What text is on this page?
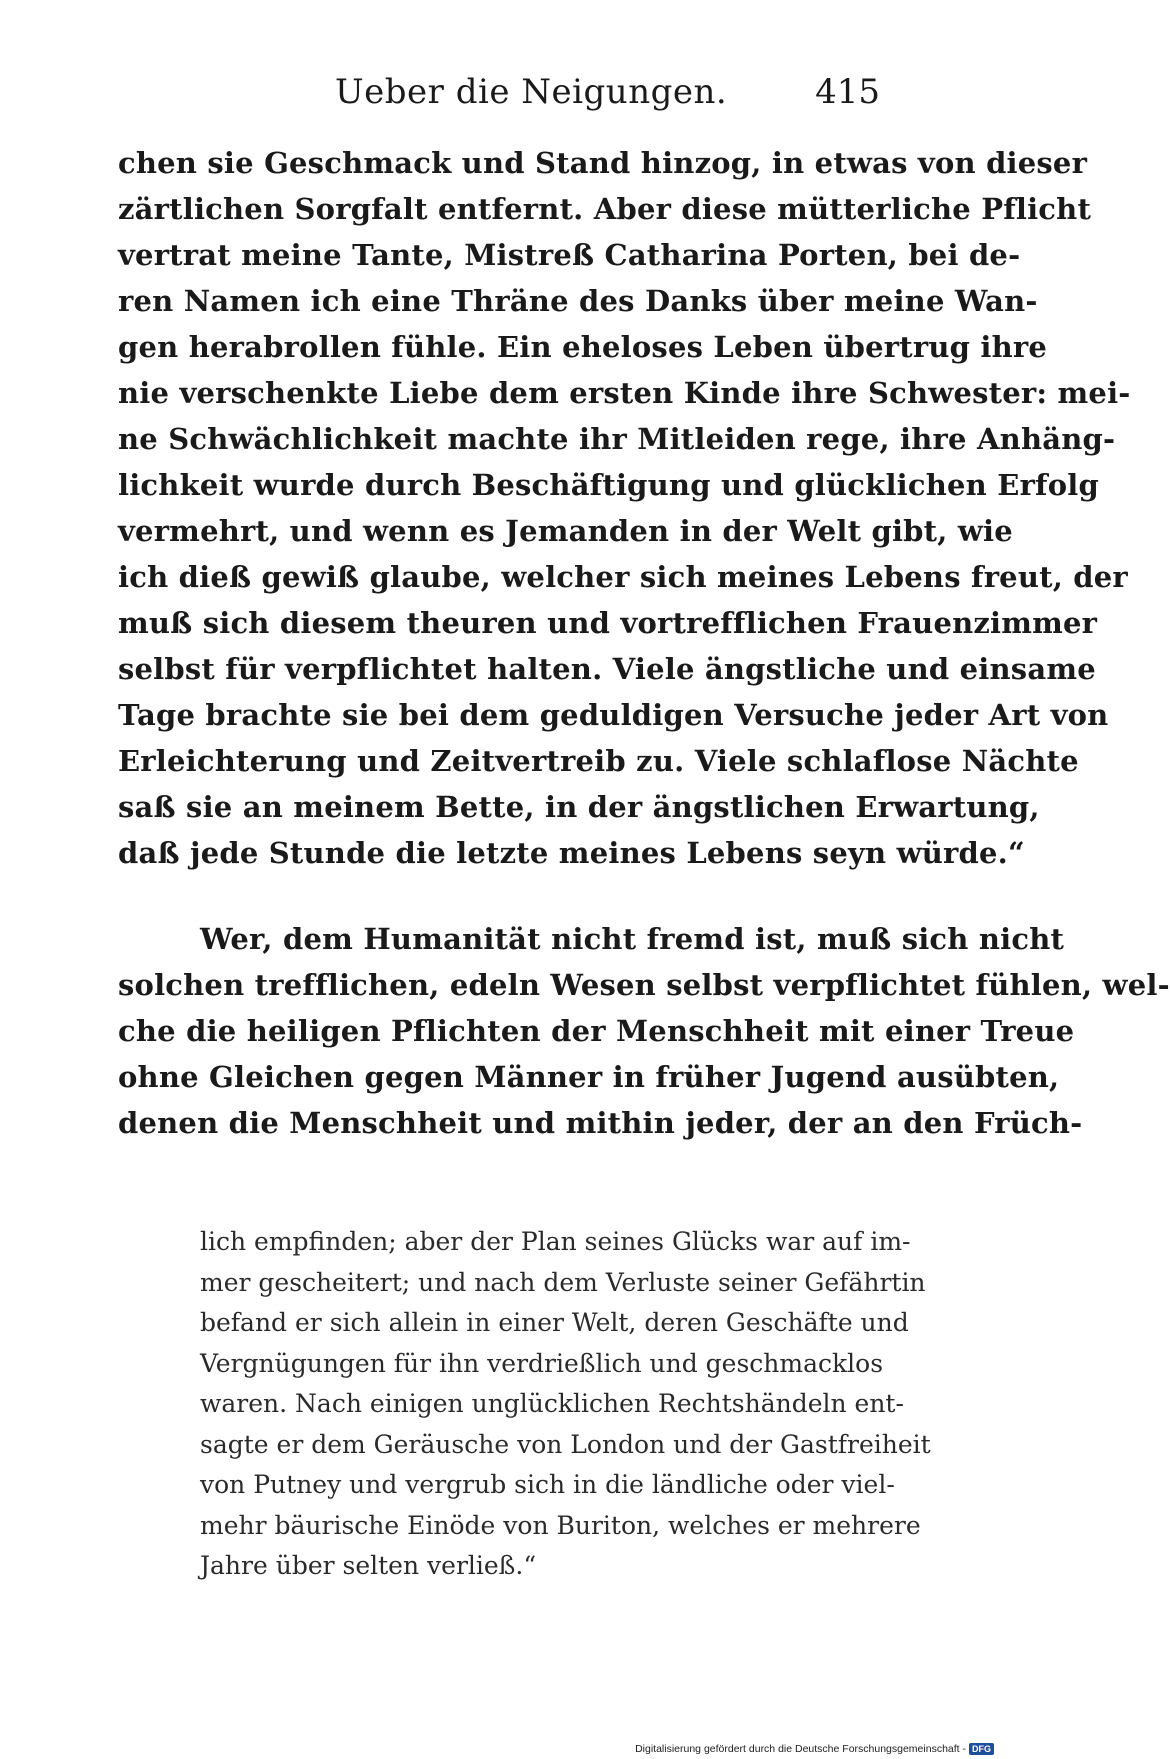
Ueber die Neigungen.	415
chen sie Geschmack und Stand hinzog, in etwas von dieser
zärtlichen Sorgfalt entfernt. Aber diese mütterliche Pflicht
vertrat meine Tante, Mistreß Catharina Porten, bei de-
ren Namen ich eine Thräne des Danks über meine Wan-
gen herabrollen fühle. Ein eheloses Leben übertrug ihre
nie verschenkte Liebe dem ersten Kinde ihre Schwester: mei-
ne Schwächlichkeit machte ihr Mitleiden rege, ihre Anhäng-
lichkeit wurde durch Beschäftigung und glücklichen Erfolg
vermehrt, und wenn es Jemanden in der Welt gibt, wie
ich dieß gewiß glaube, welcher sich meines Lebens freut, der
muß sich diesem theuren und vortrefflichen Frauenzimmer
selbst für verpflichtet halten. Viele ängstliche und einsame
Tage brachte sie bei dem geduldigen Versuche jeder Art von
Erleichterung und Zeitvertreib zu. Viele schlaflose Nächte
saß sie an meinem Bette, in der ängstlichen Erwartung,
daß jede Stunde die letzte meines Lebens seyn würde.“
Wer, dem Humanität nicht fremd ist, muß sich nicht
solchen trefflichen, edeln Wesen selbst verpflichtet fühlen, wel-
che die heiligen Pflichten der Menschheit mit einer Treue
ohne Gleichen gegen Männer in früher Jugend ausübten,
denen die Menschheit und mithin jeder, der an den Früch-
lich empfinden; aber der Plan seines Glücks war auf im-
mer gescheitert; und nach dem Verluste seiner Gefährtin
befand er sich allein in einer Welt, deren Geschäfte und
Vergnügungen für ihn verdrießlich und geschmacklos
waren. Nach einigen unglücklichen Rechtshändeln ent-
sagte er dem Geräusche von London und der Gastfreiheit
von Putney und vergrub sich in die ländliche oder viel-
mehr bäurische Einöde von Buriton, welches er mehrere
Jahre über selten verließ.“
Digitalisierung gefördert durch die Deutsche Forschungsgemeinschaft - DFG
